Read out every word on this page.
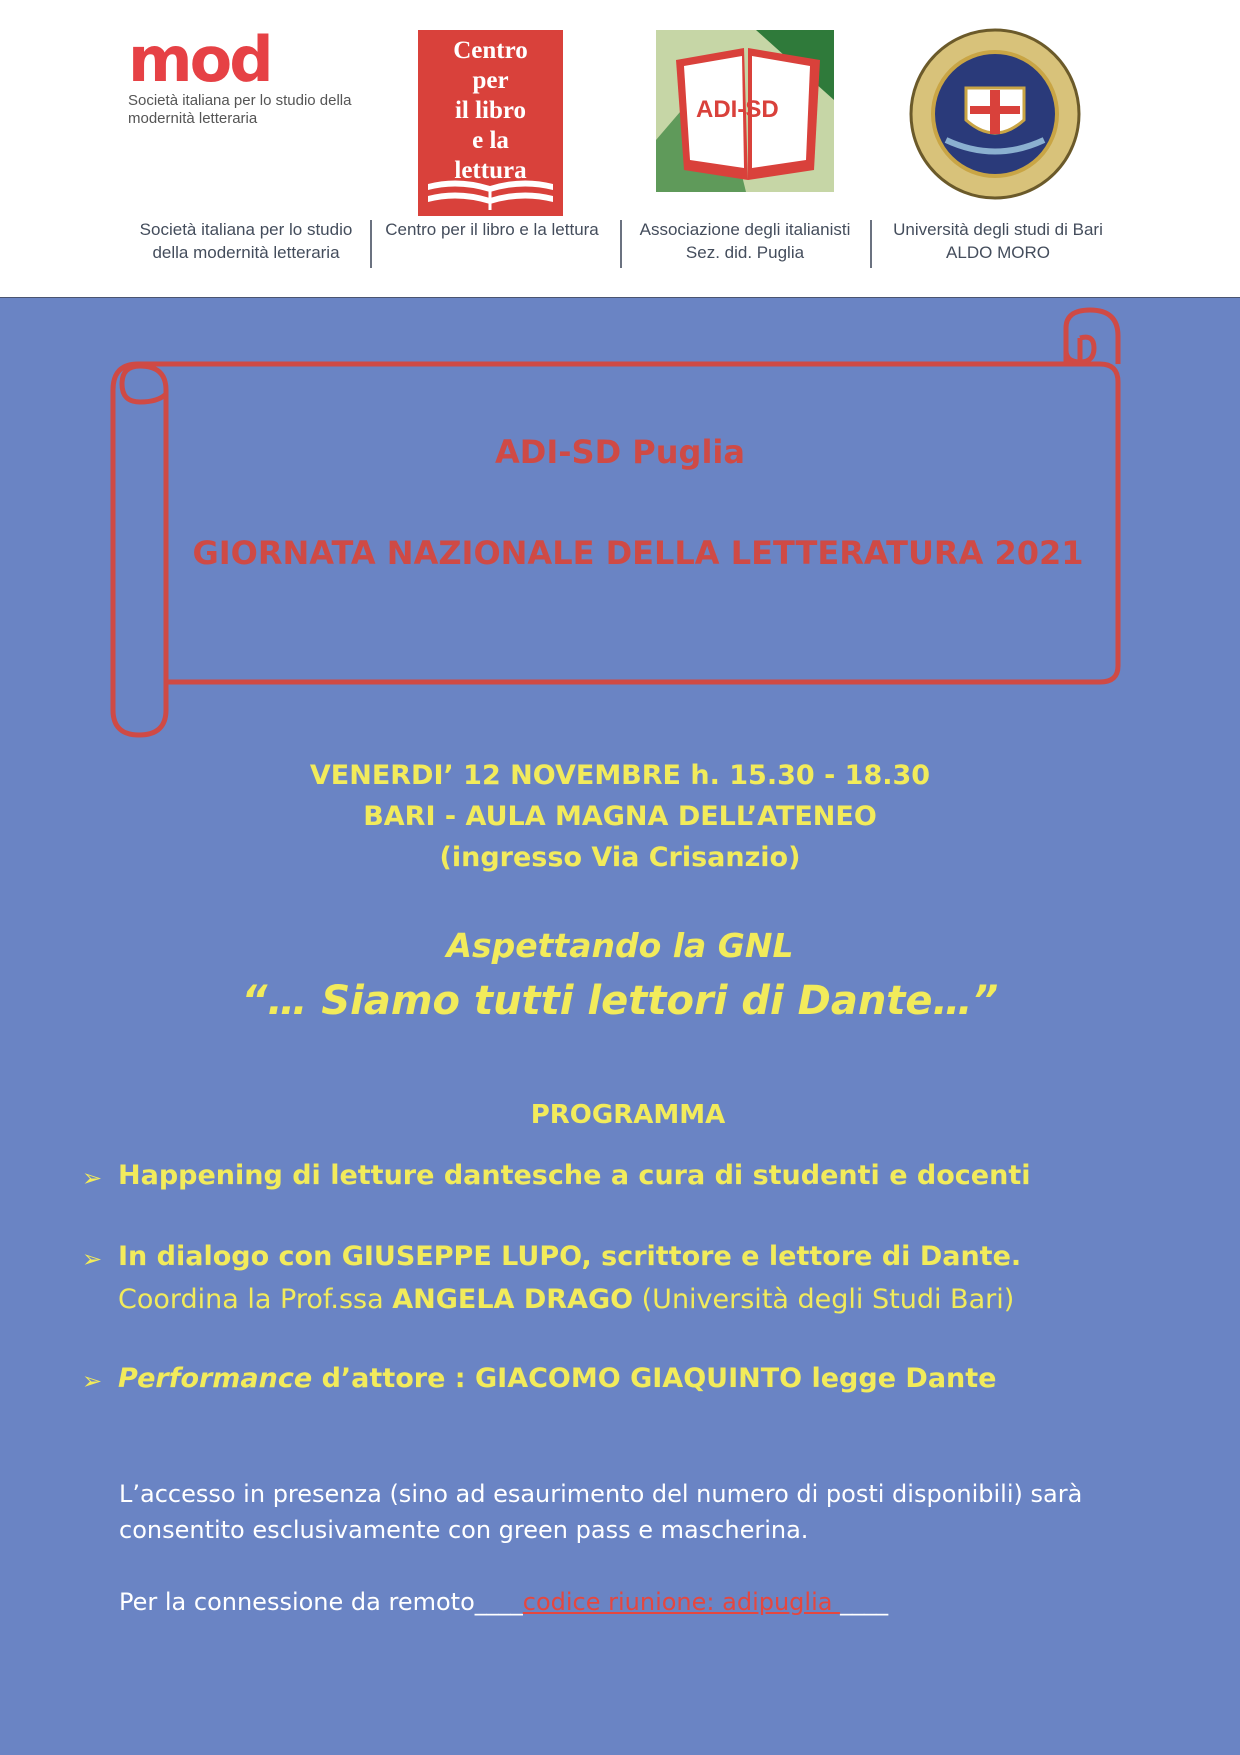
mod
Società italiana per lo studio della modernità letteraria
Centro
per
il libro
e la
lettura
ADI-SD
Società italiana per lo studio
della modernità letteraria
Centro per il libro e la lettura	Associazione degli italianisti
Sez. did. Puglia
Università degli studi di Bari
ALDO MORO
ADI-SD Puglia
GIORNATA NAZIONALE DELLA LETTERATURA 2021
VENERDI’ 12 NOVEMBRE h. 15.30 - 18.30
BARI - AULA MAGNA DELL’ATENEO
(ingresso Via Crisanzio)
Aspettando la GNL
“… Siamo tutti lettori di Dante…”
PROGRAMMA
➢ Happening di letture dantesche a cura di studenti e docenti
➢ In dialogo con GIUSEPPE LUPO, scrittore e lettore di Dante.
Coordina la Prof.ssa ANGELA DRAGO (Università degli Studi Bari)
➢ Performance d’attore : GIACOMO GIAQUINTO legge Dante
L’accesso in presenza (sino ad esaurimento del numero di posti disponibili) sarà
consentito esclusivamente con green pass e mascherina.
Per la connessione da remoto____codice riunione: adipuglia ____
